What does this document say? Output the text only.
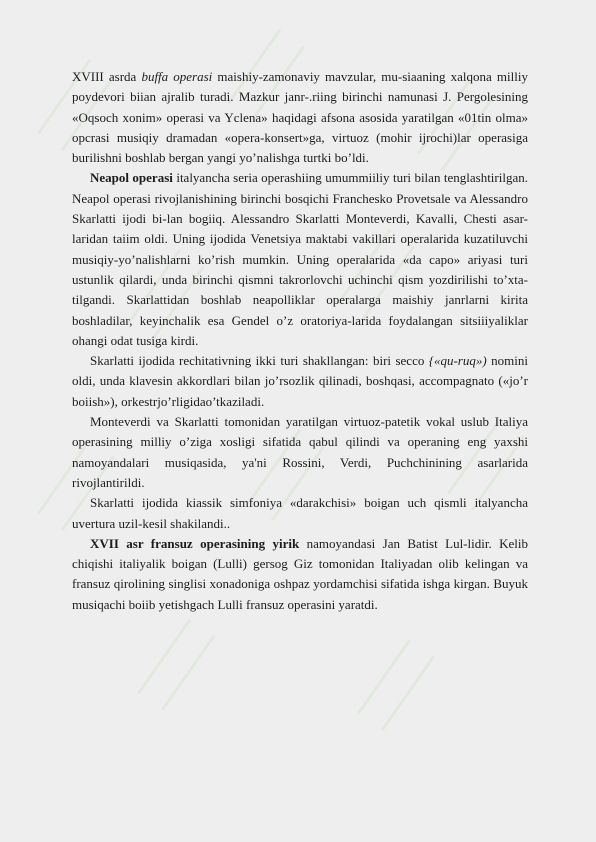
XVIII asrda buffa operasi maishiy-zamonaviy mavzular, mu-siaaning xalqona milliy poydevori biian ajralib turadi. Mazkur janr-.riing birinchi namunasi J. Pergolesining «Oqsoch xonim» operasi va Yclena» haqidagi afsona asosida yaratilgan «01tin olma» opcrasi musiqiy dramadan «opera-konsert»ga, virtuoz (mohir ijrochi)lar operasiga burilishni boshlab bergan yangi yo’nalishga turtki bo’ldi.

Neapol operasi italyancha seria operashiing umummiiliy turi bilan tenglashtirilgan. Neapol operasi rivojlanishining birinchi bosqichi Franchesko Provetsale va Alessandro Skarlatti ijodi bi-lan bogiiq. Alessandro Skarlatti Monteverdi, Kavalli, Chesti asar-laridan taiim oldi. Uning ijodida Venetsiya maktabi vakillari operalarida kuzatiluvchi musiqiy-yo’nalishlarni ko’rish mumkin. Uning operalarida «da capo» ariyasi turi ustunlik qilardi, unda birinchi qismni takrorlovchi uchinchi qism yozdirilishi to’xta-tilgandi. Skarlattidan boshlab neapolliklar operalarga maishiy janrlarni kirita boshladilar, keyinchalik esa Gendel o’z oratoriya-larida foydalangan sitsiiiyaliklar ohangi odat tusiga kirdi.

Skarlatti ijodida rechitativning ikki turi shakllangan: biri secco {«qu-ruq») nomini oldi, unda klavesin akkordlari bilan jo’rsozlik qilinadi, boshqasi, accompagnato («jo’r boiish»), orkestrjo’rligidao’tkaziladi.

Monteverdi va Skarlatti tomonidan yaratilgan virtuoz-patetik vokal uslub Italiya operasining milliy o’ziga xosligi sifatida qabul qilindi va operaning eng yaxshi namoyandalari musiqasida, ya'ni Rossini, Verdi, Puchchinining asarlarida rivojlantirildi.

Skarlatti ijodida kiassik simfoniya «darakchisi» boigan uch qismli italyancha uvertura uzil-kesil shakilandi..

XVII asr fransuz operasining yirik namoyandasi Jan Batist Lul-lidir. Kelib chiqishi italiyalik boigan (Lulli) gersog Giz tomonidan Italiyadan olib kelingan va fransuz qirolining singlisi xonadoniga oshpaz yordamchisi sifatida ishga kirgan. Buyuk musiqachi boiib yetishgach Lulli fransuz operasini yaratdi.
